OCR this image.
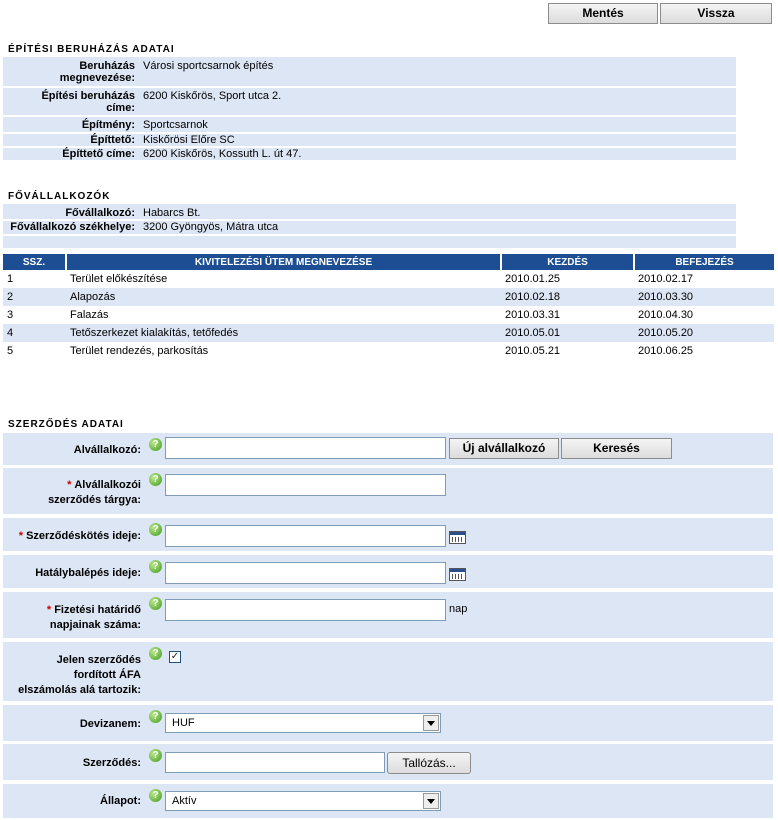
Mentés	Vissza
ÉPÍTÉSI BERUHÁZÁS ADATAI
Beruházás
megnevezése:
Városi sportcsarnok építés
Építési beruházás
címe:
6200 Kiskőrös, Sport utca 2.
Építmény: Sportcsarnok
Építtető: Kiskőrösi Előre SC
Építtető címe: 6200 Kiskőrös, Kossuth L. út 47.
FŐVÁLLALKOZÓK
Fővállalkozó: Habarcs Bt.
Fővállalkozó székhelye: 3200 Gyöngyös, Mátra utca
SSZ.	KIVITELEZÉSI ÜTEM MEGNEVEZÉSE	KEZDÉS	BEFEJEZÉS
1	Terület előkészítése	2010.01.25	2010.02.17
2	Alapozás	2010.02.18	2010.03.30
3	Falazás	2010.03.31	2010.04.30
4	Tetőszerkezet kialakítás, tetőfedés	2010.05.01	2010.05.20
5	Terület rendezés, parkosítás	2010.05.21	2010.06.25
SZERZŐDÉS ADATAI
Alvállalkozó:	?	Új alvállalkozó	Keresés
* Alvállalkozói
szerződés tárgya:
?
* Szerződéskötés ideje:
?
Hatálybalépés ideje:
?
* Fizetési határidő
napjainak száma:
?	nap
Jelen szerződés
fordított ÁFA
elszámolás alá tartozik:
?	✓
Devizanem:
?
HUF
Szerződés:
?	Tallózás...
Állapot:	?	Aktív
